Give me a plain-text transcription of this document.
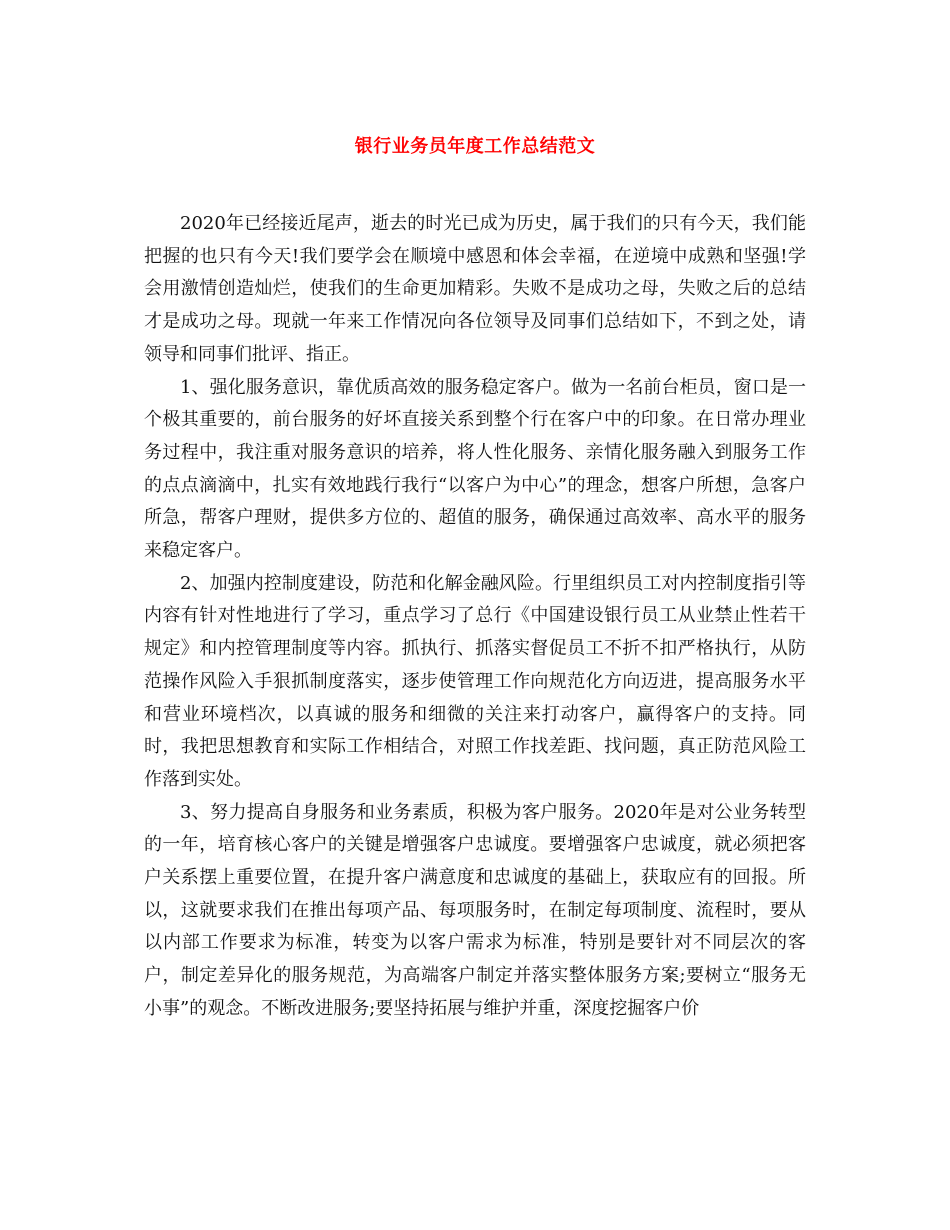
银行业务员年度工作总结范文

2020年已经接近尾声，逝去的时光已成为历史，属于我们的只有今天，我们能把握的也只有今天!我们要学会在顺境中感恩和体会幸福，在逆境中成熟和坚强!学会用激情创造灿烂，使我们的生命更加精彩。失败不是成功之母，失败之后的总结才是成功之母。现就一年来工作情况向各位领导及同事们总结如下，不到之处，请领导和同事们批评、指正。

1、强化服务意识，靠优质高效的服务稳定客户。做为一名前台柜员，窗口是一个极其重要的，前台服务的好坏直接关系到整个行在客户中的印象。在日常办理业务过程中，我注重对服务意识的培养，将人性化服务、亲情化服务融入到服务工作的点点滴滴中，扎实有效地践行我行“以客户为中心”的理念，想客户所想，急客户所急，帮客户理财，提供多方位的、超值的服务，确保通过高效率、高水平的服务来稳定客户。

2、加强内控制度建设，防范和化解金融风险。行里组织员工对内控制度指引等内容有针对性地进行了学习，重点学习了总行《中国建设银行员工从业禁止性若干规定》和内控管理制度等内容。抓执行、抓落实督促员工不折不扣严格执行，从防范操作风险入手狠抓制度落实，逐步使管理工作向规范化方向迈进，提高服务水平和营业环境档次，以真诚的服务和细微的关注来打动客户，赢得客户的支持。同时，我把思想教育和实际工作相结合，对照工作找差距、找问题，真正防范风险工作落到实处。

3、努力提高自身服务和业务素质，积极为客户服务。2020年是对公业务转型的一年，培育核心客户的关键是增强客户忠诚度。要增强客户忠诚度，就必须把客户关系摆上重要位置，在提升客户满意度和忠诚度的基础上，获取应有的回报。所以，这就要求我们在推出每项产品、每项服务时，在制定每项制度、流程时，要从以内部工作要求为标准，转变为以客户需求为标准，特别是要针对不同层次的客户，制定差异化的服务规范，为高端客户制定并落实整体服务方案;要树立“服务无小事”的观念。不断改进服务;要坚持拓展与维护并重，深度挖掘客户价
